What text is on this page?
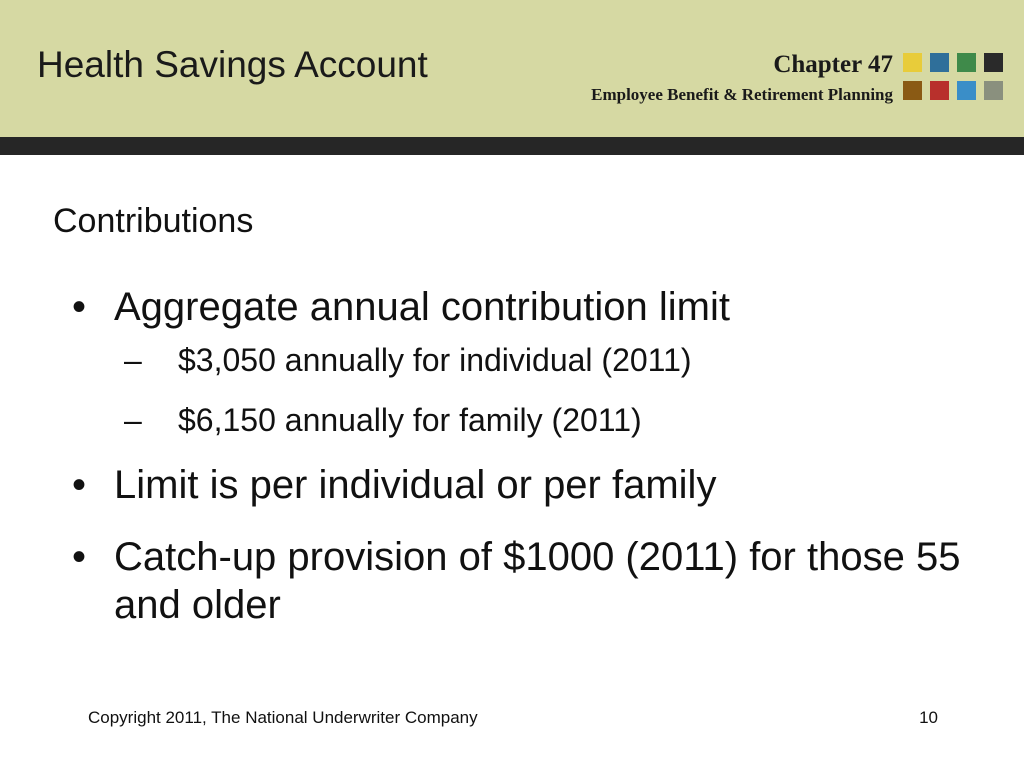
Health Savings Account	Chapter 47
Employee Benefit & Retirement Planning
Contributions
• Aggregate annual contribution limit
– $3,050 annually for individual (2011)
– $6,150 annually for family (2011)
• Limit is per individual or per family
• Catch-up provision of $1000 (2011) for those 55 and older
Copyright 2011, The National Underwriter Company	10
